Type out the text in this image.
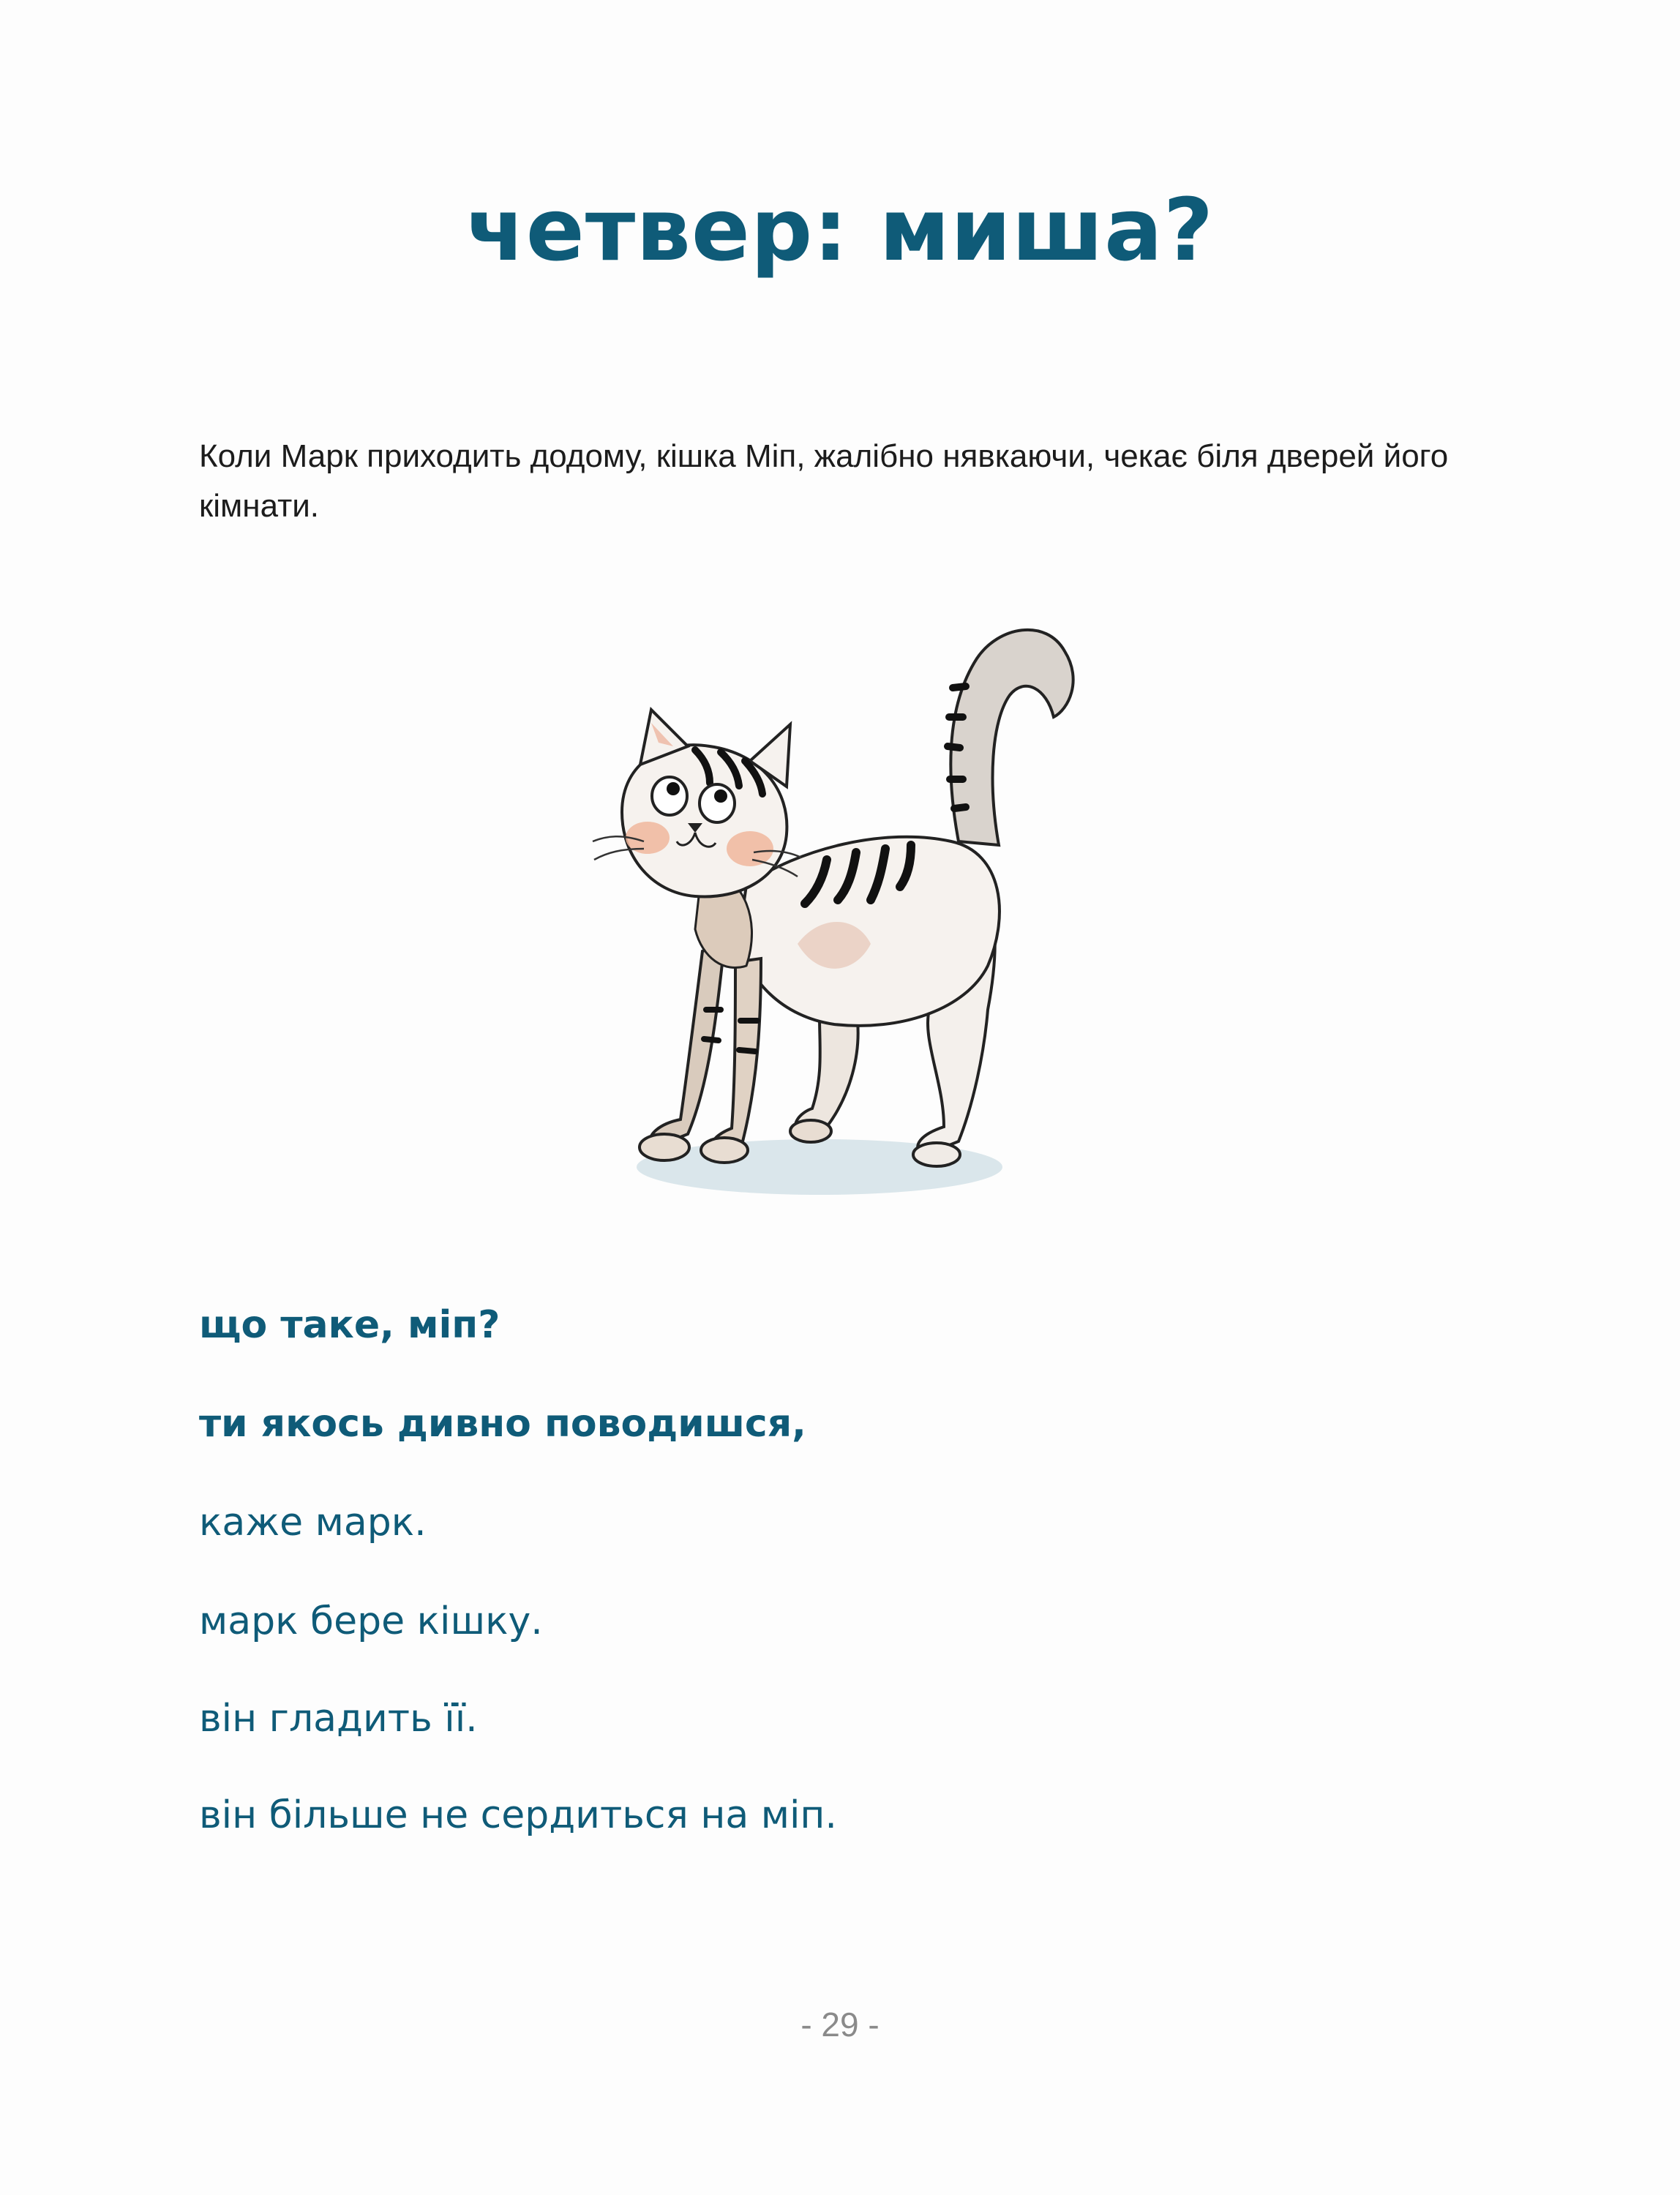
четвер: миша?

Коли Марк приходить додому, кішка Міп, жалібно нявкаючи, чекає біля дверей його кімнати.

що таке, міп?

ти якось дивно поводишся,

каже марк.

марк бере кішку.

він гладить її.

він більше не сердиться на міп.

- 29 -
